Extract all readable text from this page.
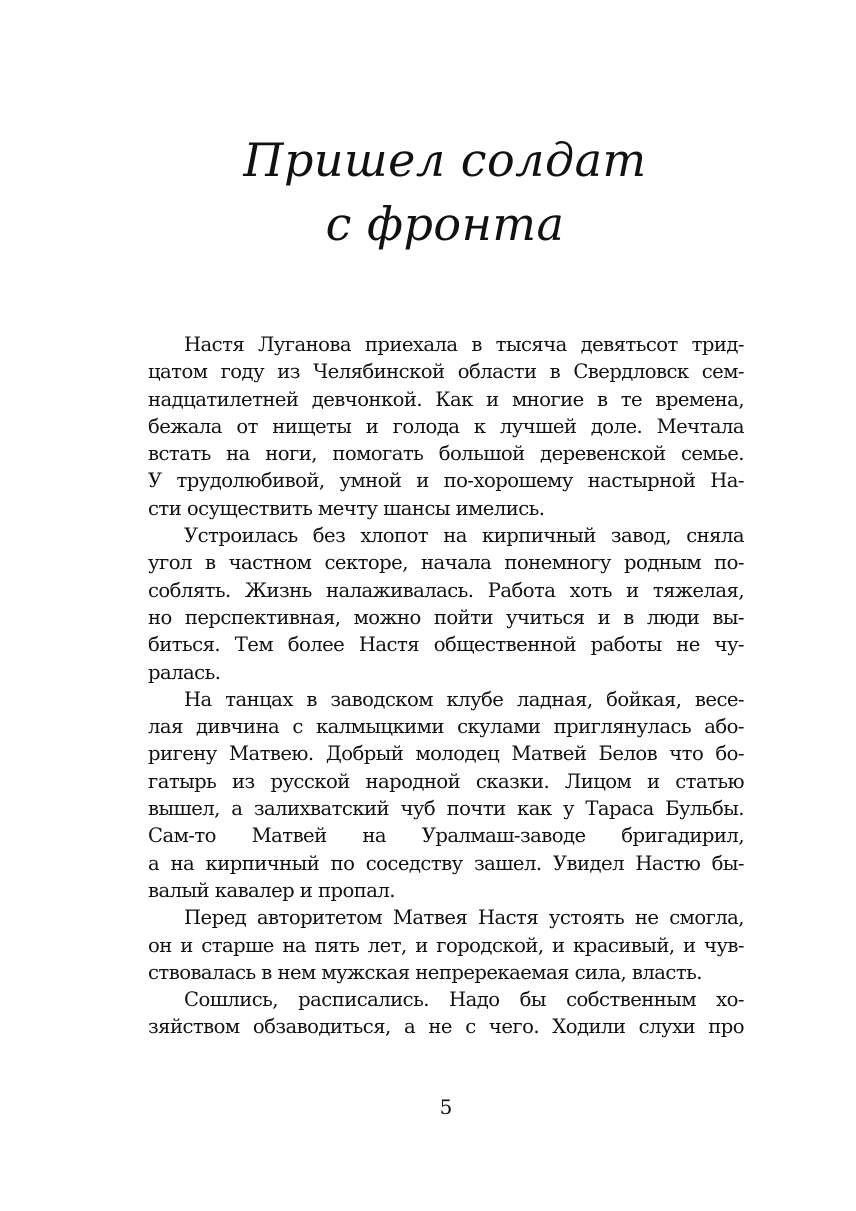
Пришел солдат
с фронта
Настя Луганова приехала в тысяча девятьсот трид-
цатом году из Челябинской области в Свердловск сем-
надцатилетней девчонкой. Как и многие в те времена,
бежала от нищеты и голода к лучшей доле. Мечтала
встать на ноги, помогать большой деревенской семье.
У трудолюбивой, умной и по-хорошему настырной На-
сти осуществить мечту шансы имелись.
Устроилась без хлопот на кирпичный завод, сняла
угол в частном секторе, начала понемногу родным по-
соблять. Жизнь налаживалась. Работа хоть и тяжелая,
но перспективная, можно пойти учиться и в люди вы-
биться. Тем более Настя общественной работы не чу-
ралась.
На танцах в заводском клубе ладная, бойкая, весе-
лая дивчина с калмыцкими скулами приглянулась або-
ригену Матвею. Добрый молодец Матвей Белов что бо-
гатырь из русской народной сказки. Лицом и статью
вышел, а залихватский чуб почти как у Тараса Бульбы.
Сам-то Матвей на Уралмаш-заводе бригадирил,
а на кирпичный по соседству зашел. Увидел Настю бы-
валый кавалер и пропал.
Перед авторитетом Матвея Настя устоять не смогла,
он и старше на пять лет, и городской, и красивый, и чув-
ствовалась в нем мужская непререкаемая сила, власть.
Сошлись, расписались. Надо бы собственным хо-
зяйством обзаводиться, а не с чего. Ходили слухи про
5
